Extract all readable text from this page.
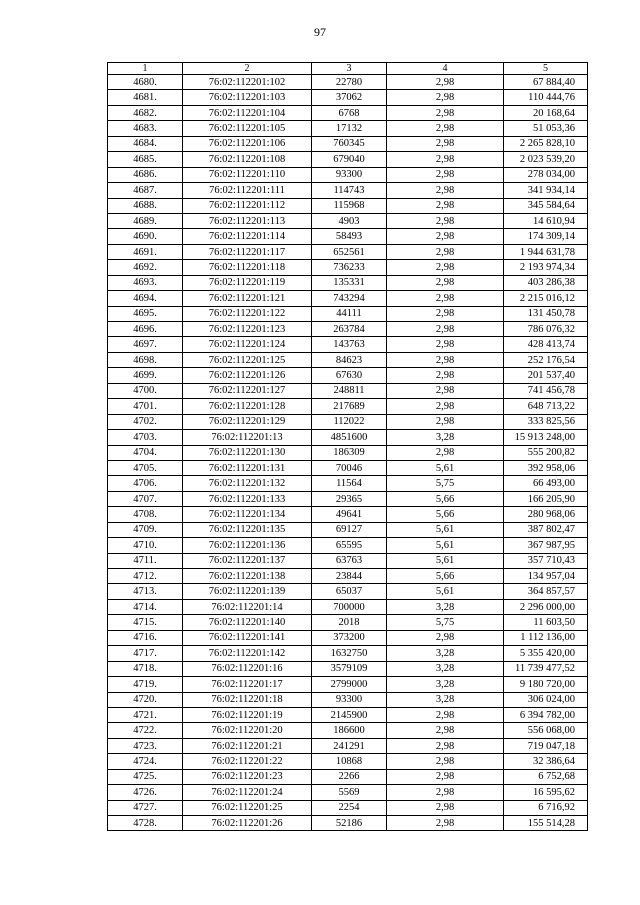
97
1	2	3	4	5
4680.	76:02:112201:102	22780	2,98	67 884,40
4681.	76:02:112201:103	37062	2,98	110 444,76
4682.	76:02:112201:104	6768	2,98	20 168,64
4683.	76:02:112201:105	17132	2,98	51 053,36
4684.	76:02:112201:106	760345	2,98	2 265 828,10
4685.	76:02:112201:108	679040	2,98	2 023 539,20
4686.	76:02:112201:110	93300	2,98	278 034,00
4687.	76:02:112201:111	114743	2,98	341 934,14
4688.	76:02:112201:112	115968	2,98	345 584,64
4689.	76:02:112201:113	4903	2,98	14 610,94
4690.	76:02:112201:114	58493	2,98	174 309,14
4691.	76:02:112201:117	652561	2,98	1 944 631,78
4692.	76:02:112201:118	736233	2,98	2 193 974,34
4693.	76:02:112201:119	135331	2,98	403 286,38
4694.	76:02:112201:121	743294	2,98	2 215 016,12
4695.	76:02:112201:122	44111	2,98	131 450,78
4696.	76:02:112201:123	263784	2,98	786 076,32
4697.	76:02:112201:124	143763	2,98	428 413,74
4698.	76:02:112201:125	84623	2,98	252 176,54
4699.	76:02:112201:126	67630	2,98	201 537,40
4700.	76:02:112201:127	248811	2,98	741 456,78
4701.	76:02:112201:128	217689	2,98	648 713,22
4702.	76:02:112201:129	112022	2,98	333 825,56
4703.	76:02:112201:13	4851600	3,28	15 913 248,00
4704.	76:02:112201:130	186309	2,98	555 200,82
4705.	76:02:112201:131	70046	5,61	392 958,06
4706.	76:02:112201:132	11564	5,75	66 493,00
4707.	76:02:112201:133	29365	5,66	166 205,90
4708.	76:02:112201:134	49641	5,66	280 968,06
4709.	76:02:112201:135	69127	5,61	387 802,47
4710.	76:02:112201:136	65595	5,61	367 987,95
4711.	76:02:112201:137	63763	5,61	357 710,43
4712.	76:02:112201:138	23844	5,66	134 957,04
4713.	76:02:112201:139	65037	5,61	364 857,57
4714.	76:02:112201:14	700000	3,28	2 296 000,00
4715.	76:02:112201:140	2018	5,75	11 603,50
4716.	76:02:112201:141	373200	2,98	1 112 136,00
4717.	76:02:112201:142	1632750	3,28	5 355 420,00
4718.	76:02:112201:16	3579109	3,28	11 739 477,52
4719.	76:02:112201:17	2799000	3,28	9 180 720,00
4720.	76:02:112201:18	93300	3,28	306 024,00
4721.	76:02:112201:19	2145900	2,98	6 394 782,00
4722.	76:02:112201:20	186600	2,98	556 068,00
4723.	76:02:112201:21	241291	2,98	719 047,18
4724.	76:02:112201:22	10868	2,98	32 386,64
4725.	76:02:112201:23	2266	2,98	6 752,68
4726.	76:02:112201:24	5569	2,98	16 595,62
4727.	76:02:112201:25	2254	2,98	6 716,92
4728.	76:02:112201:26	52186	2,98	155 514,28
